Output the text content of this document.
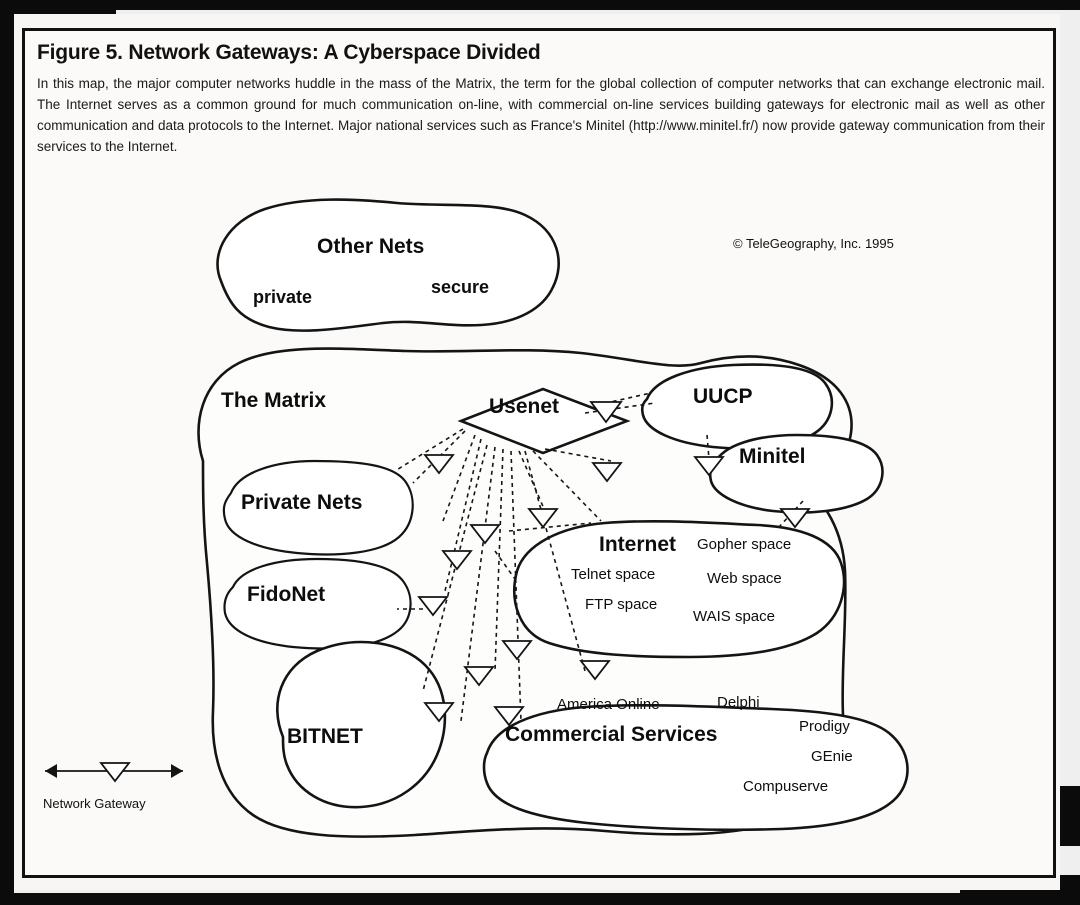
Figure 5. Network Gateways: A Cyberspace Divided
In this map, the major computer networks huddle in the mass of the Matrix, the term for the global collection of computer networks that can exchange electronic mail. The Internet serves as a common ground for much communication on-line, with commercial on-line services building gateways for electronic mail as well as other communication and data protocols to the Internet. Major national services such as France's Minitel (http://www.minitel.fr/) now provide gateway communication from their services to the Internet.
© TeleGeography, Inc. 1995
Network Gateway
Other Nets
private	secure
The Matrix	Usenet	UUCP
Minitel
Private Nets
FidoNet
BITNET
Internet
Telnet space
FTP space
Gopher space
Web space
WAIS space
America Online	Delphi
Commercial Services	Prodigy
GEnie
Compuserve
